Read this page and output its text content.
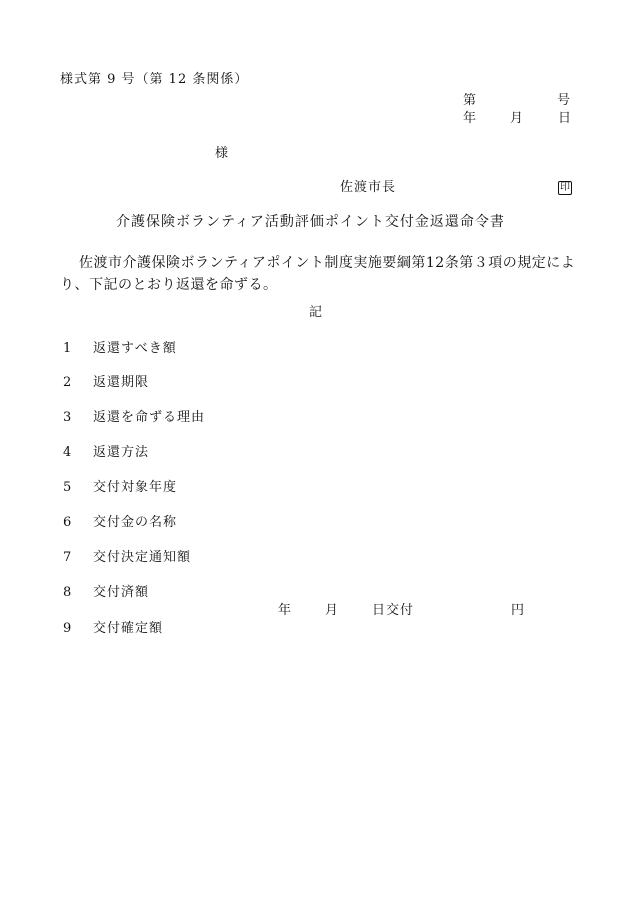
様式第 9 号（第 12 条関係）
第	号
年	月	日
様
佐渡市長	印
介護保険ボランティア活動評価ポイント交付金返還命令書
佐渡市介護保険ボランティアポイント制度実施要綱第12条第３項の規定により、下記のとおり返還を命ずる。
記
1 返還すべき額
2 返還期限
3 返還を命ずる理由
4 返還方法
5 交付対象年度
6 交付金の名称
7 交付決定通知額
8 交付済額
年	月	日交付	円
9 交付確定額
